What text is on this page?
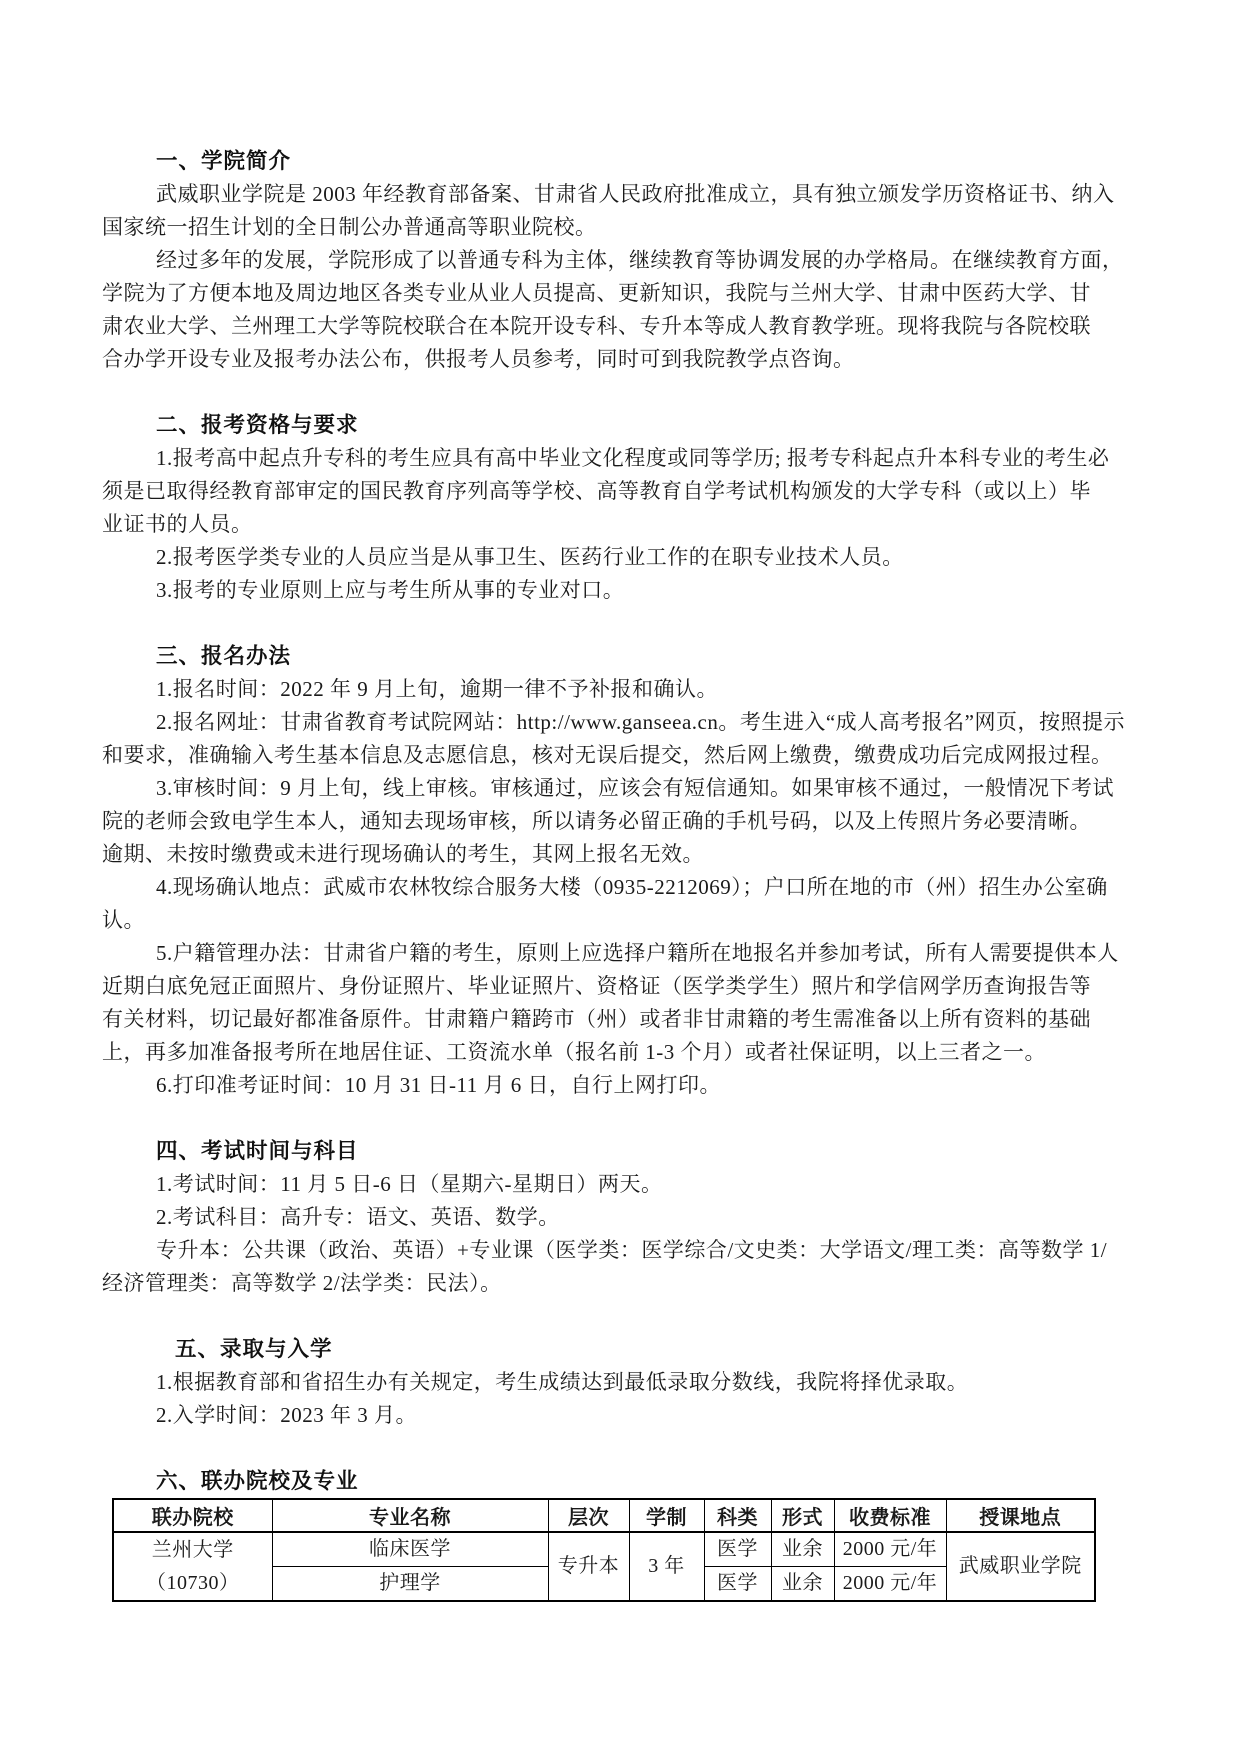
一、学院简介
武威职业学院是 2003 年经教育部备案、甘肃省人民政府批准成立，具有独立颁发学历资格证书、纳入
国家统一招生计划的全日制公办普通高等职业院校。
经过多年的发展，学院形成了以普通专科为主体，继续教育等协调发展的办学格局。在继续教育方面，
学院为了方便本地及周边地区各类专业从业人员提高、更新知识，我院与兰州大学、甘肃中医药大学、甘
肃农业大学、兰州理工大学等院校联合在本院开设专科、专升本等成人教育教学班。现将我院与各院校联
合办学开设专业及报考办法公布，供报考人员参考，同时可到我院教学点咨询。
二、报考资格与要求
1.报考高中起点升专科的考生应具有高中毕业文化程度或同等学历; 报考专科起点升本科专业的考生必
须是已取得经教育部审定的国民教育序列高等学校、高等教育自学考试机构颁发的大学专科（或以上）毕
业证书的人员。
2.报考医学类专业的人员应当是从事卫生、医药行业工作的在职专业技术人员。
3.报考的专业原则上应与考生所从事的专业对口。
三、报名办法
1.报名时间：2022 年 9 月上旬，逾期一律不予补报和确认。
2.报名网址：甘肃省教育考试院网站：http://www.ganseea.cn。考生进入“成人高考报名”网页，按照提示
和要求，准确输入考生基本信息及志愿信息，核对无误后提交，然后网上缴费，缴费成功后完成网报过程。
3.审核时间：9 月上旬，线上审核。审核通过，应该会有短信通知。如果审核不通过，一般情况下考试
院的老师会致电学生本人，通知去现场审核，所以请务必留正确的手机号码，以及上传照片务必要清晰。
逾期、未按时缴费或未进行现场确认的考生，其网上报名无效。
4.现场确认地点：武威市农林牧综合服务大楼（0935-2212069）；户口所在地的市（州）招生办公室确
认。
5.户籍管理办法：甘肃省户籍的考生，原则上应选择户籍所在地报名并参加考试，所有人需要提供本人
近期白底免冠正面照片、身份证照片、毕业证照片、资格证（医学类学生）照片和学信网学历查询报告等
有关材料，切记最好都准备原件。甘肃籍户籍跨市（州）或者非甘肃籍的考生需准备以上所有资料的基础
上，再多加准备报考所在地居住证、工资流水单（报名前 1-3 个月）或者社保证明，以上三者之一。
6.打印准考证时间：10 月 31 日-11 月 6 日，自行上网打印。
四、考试时间与科目
1.考试时间：11 月 5 日-6 日（星期六-星期日）两天。
2.考试科目：高升专：语文、英语、数学。
专升本：公共课（政治、英语）+专业课（医学类：医学综合/文史类：大学语文/理工类：高等数学 1/
经济管理类：高等数学 2/法学类：民法）。
五、录取与入学
1.根据教育部和省招生办有关规定，考生成绩达到最低录取分数线，我院将择优录取。
2.入学时间：2023 年 3 月。
六、联办院校及专业
联办院校	专业名称	层次	学制	科类	形式	收费标准	授课地点

兰州大学
（10730）	临床医学	专升本	3 年	医学	业余	2000 元/年	武威职业学院
	护理学			医学	业余	2000 元/年	
